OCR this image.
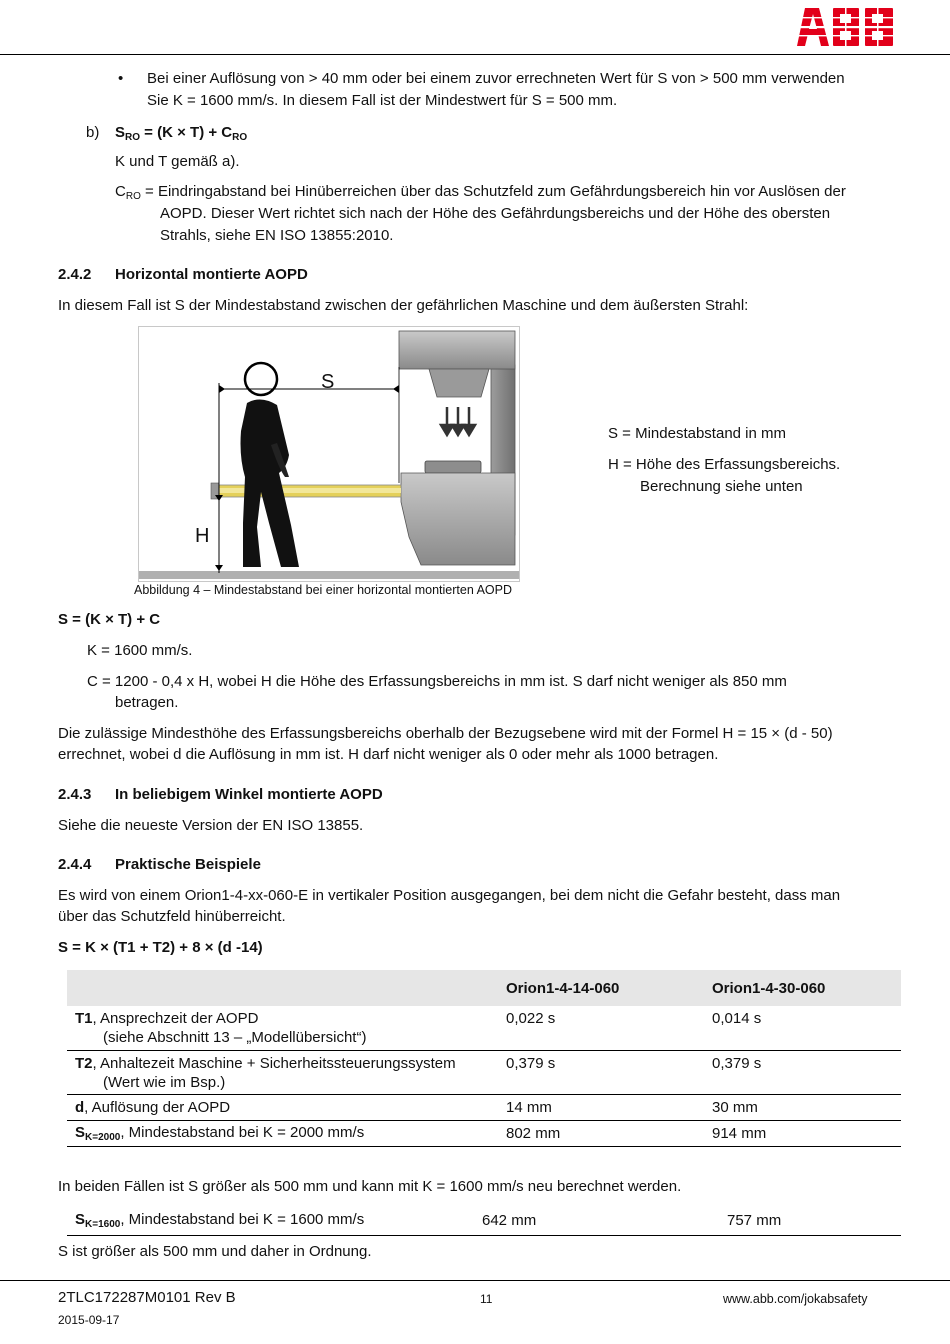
• Bei einer Auflösung von > 40 mm oder bei einem zuvor errechneten Wert für S von > 500 mm verwenden
Sie K = 1600 mm/s. In diesem Fall ist der Mindestwert für S = 500 mm.
b) $S_{RO} = (K \times T) + C_{RO}$
K und T gemäß a).
$C_{RO}$ = Eindringabstand bei Hinüberreichen über das Schutzfeld zum Gefährdungsbereich hin vor Auslösen der
AOPD. Dieser Wert richtet sich nach der Höhe des Gefährdungsbereichs und der Höhe des obersten
Strahls, siehe EN ISO 13855:2010.
2.4.2 Horizontal montierte AOPD
In diesem Fall ist S der Mindestabstand zwischen der gefährlichen Maschine und dem äußersten Strahl:
S
H
S = Mindestabstand in mm
H = Höhe des Erfassungsbereichs.
Berechnung siehe unten
Abbildung 4 – Mindestabstand bei einer horizontal montierten AOPD
S = (K × T) + C
K = 1600 mm/s.
C = 1200 - 0,4 x H, wobei H die Höhe des Erfassungsbereichs in mm ist. S darf nicht weniger als 850 mm
betragen.
Die zulässige Mindesthöhe des Erfassungsbereichs oberhalb der Bezugsebene wird mit der Formel H = 15 × (d - 50)
errechnet, wobei d die Auflösung in mm ist. H darf nicht weniger als 0 oder mehr als 1000 betragen.
2.4.3 In beliebigem Winkel montierte AOPD
Siehe die neueste Version der EN ISO 13855.
2.4.4 Praktische Beispiele
Es wird von einem Orion1-4-xx-060-E in vertikaler Position ausgegangen, bei dem nicht die Gefahr besteht, dass man
über das Schutzfeld hinüberreicht.
S = K × (T1 + T2) + 8 × (d -14)
	Orion1-4-14-060	Orion1-4-30-060
T1, Ansprechzeit der AOPD
(siehe Abschnitt 13 – „Modellübersicht“)	0,022 s	0,014 s
T2, Anhaltezeit Maschine + Sicherheitssteuerungssystem
(Wert wie im Bsp.)	0,379 s	0,379 s
d, Auflösung der AOPD	14 mm	30 mm
$S_{K=2000}$, Mindestabstand bei K = 2000 mm/s	802 mm	914 mm
In beiden Fällen ist S größer als 500 mm und kann mit K = 1600 mm/s neu berechnet werden.
$S_{K=1600}$, Mindestabstand bei K = 1600 mm/s	642 mm	757 mm
S ist größer als 500 mm und daher in Ordnung.
2TLC172287M0101 Rev B
2015-09-17
11	www.abb.com/jokabsafety
